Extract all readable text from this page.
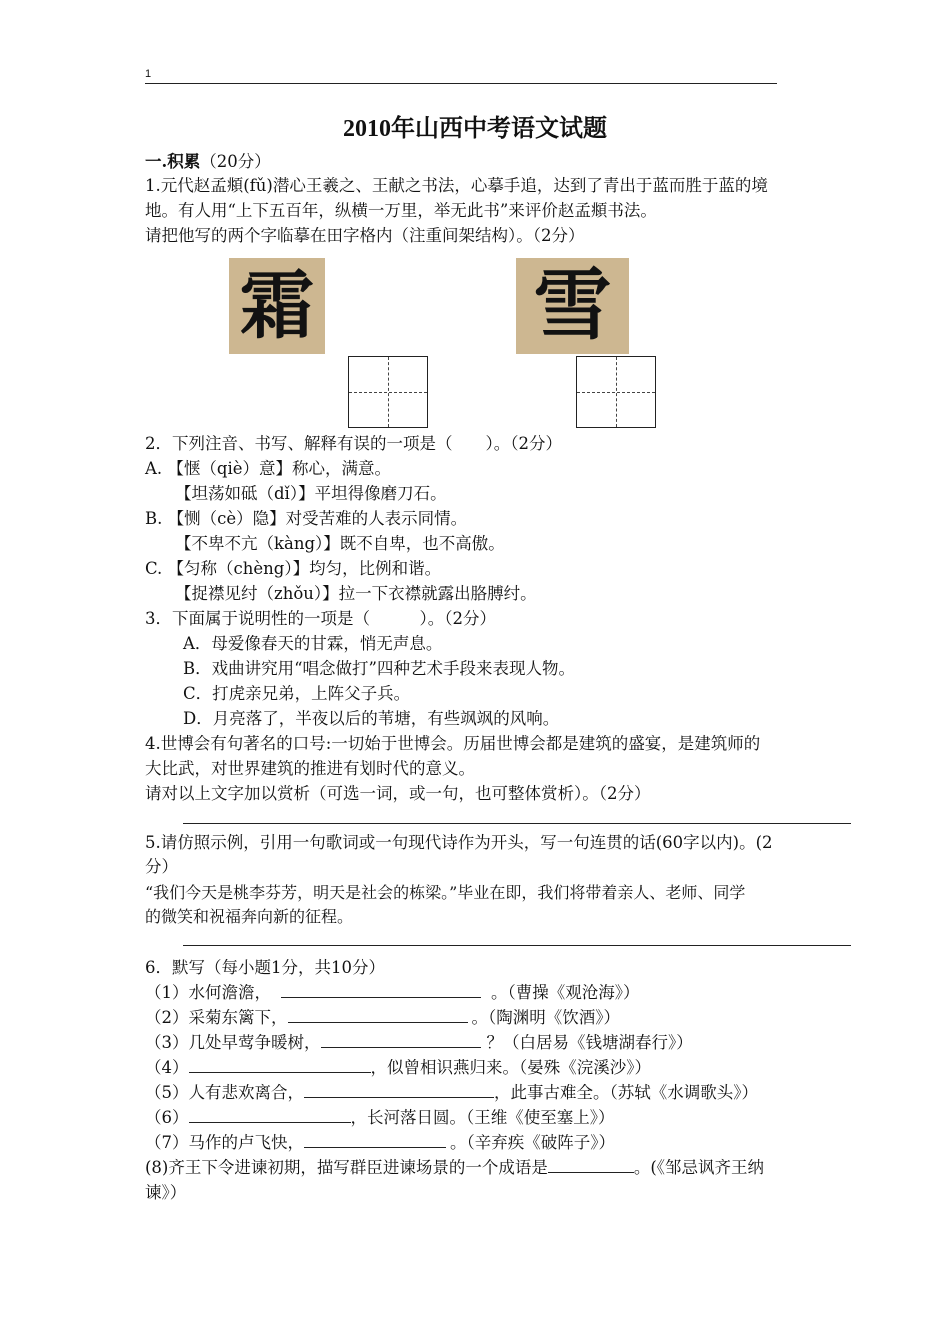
1
2010年山西中考语文试题
一.积累（20分）
1.元代赵孟頫(fǔ)潜心王羲之、王献之书法，心摹手追，达到了青出于蓝而胜于蓝的境
地。有人用“上下五百年，纵横一万里，举无此书”来评价赵孟頫书法。
请把他写的两个字临摹在田字格内（注重间架结构）。（2分）
霜	雪
2．下列注音、书写、解释有误的一项是（　　）。（2分）
A. 【惬（qiè）意】称心，满意。
【坦荡如砥（dǐ）】平坦得像磨刀石。
B. 【恻（cè）隐】对受苦难的人表示同情。
【不卑不亢（kàng）】既不自卑，也不高傲。
C. 【匀称（chèng）】均匀，比例和谐。
【捉襟见纣（zhǒu）】拉一下衣襟就露出胳膊纣。
3．下面属于说明性的一项是（　　　）。（2分）
A．母爱像春天的甘霖，悄无声息。
B．戏曲讲究用“唱念做打”四种艺术手段来表现人物。
C．打虎亲兄弟，上阵父子兵。
D．月亮落了，半夜以后的苇塘，有些飒飒的风响。
4.世博会有句著名的口号:一切始于世博会。历届世博会都是建筑的盛宴，是建筑师的
大比武，对世界建筑的推进有划时代的意义。
请对以上文字加以赏析（可选一词，或一句，也可整体赏析）。（2分）
5.请仿照示例，引用一句歌词或一句现代诗作为开头，写一句连贯的话(60字以内)。(2
分）
“我们今天是桃李芬芳，明天是社会的栋梁。”毕业在即，我们将带着亲人、老师、同学
的微笑和祝福奔向新的征程。
6．默写（每小题1分，共10分）
（1）水何澹澹，	。（曹操《观沧海》）
（2）采菊东篱下，	。（陶渊明《饮酒》）
（3）几处早莺争暖树，	？（白居易《钱塘湖春行》）
（4）	，似曾相识燕归来。（晏殊《浣溪沙》）
（5）人有悲欢离合，	，此事古难全。（苏轼《水调歌头》）
（6）	，长河落日圆。（王维《使至塞上》）
（7）马作的卢飞快，	。（辛弃疾《破阵子》）
(8)齐王下令进谏初期，描写群臣进谏场景的一个成语是	。(《邹忌讽齐王纳
谏》）
